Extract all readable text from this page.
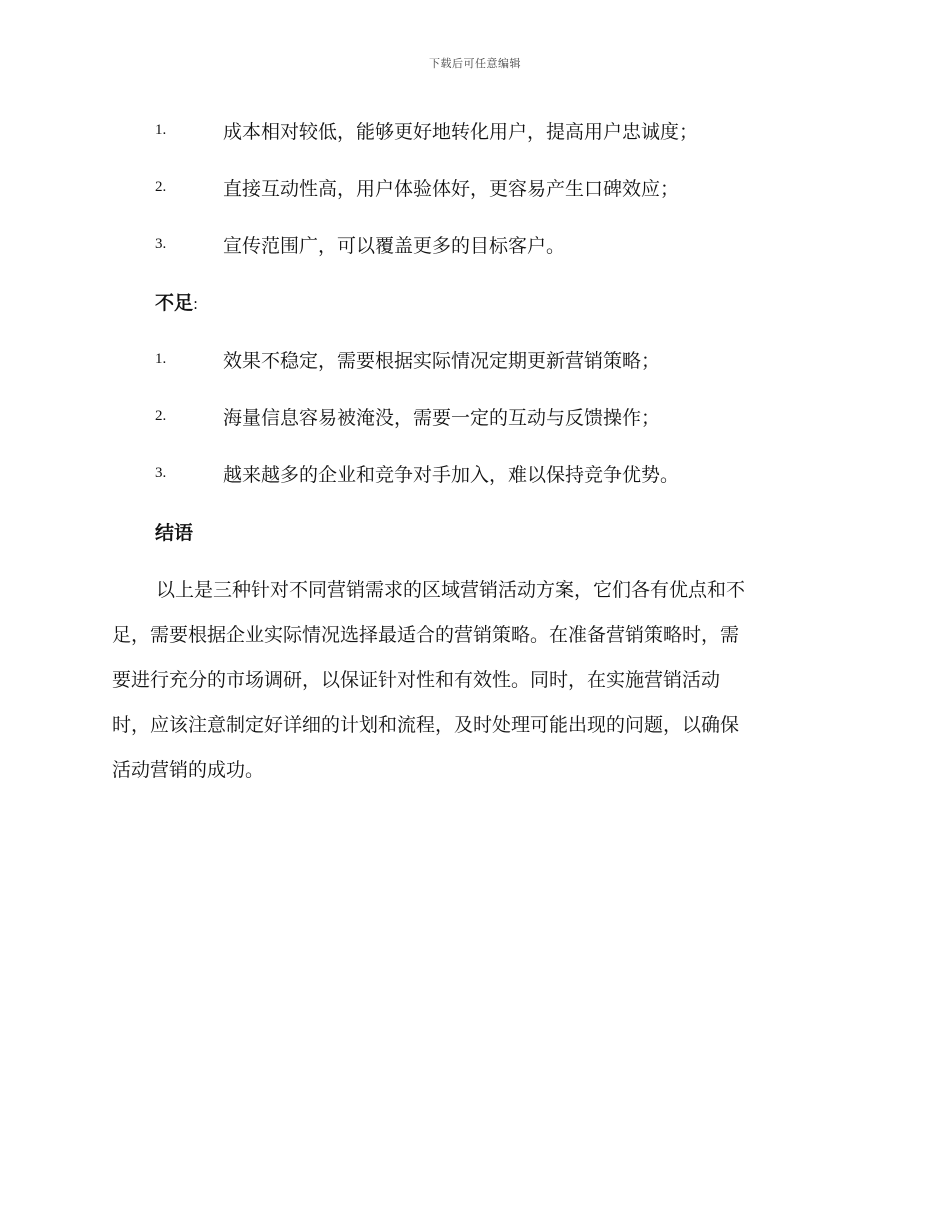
下载后可任意编辑
1.	成本相对较低，能够更好地转化用户，提高用户忠诚度；
2.	直接互动性高，用户体验体好，更容易产生口碑效应；
3.	宣传范围广，可以覆盖更多的目标客户。
不足:
1.	效果不稳定，需要根据实际情况定期更新营销策略；
2.	海量信息容易被淹没，需要一定的互动与反馈操作；
3.	越来越多的企业和竞争对手加入，难以保持竞争优势。
结语
以上是三种针对不同营销需求的区域营销活动方案，它们各有优点和不
足，需要根据企业实际情况选择最适合的营销策略。在准备营销策略时，需
要进行充分的市场调研，以保证针对性和有效性。同时，在实施营销活动
时，应该注意制定好详细的计划和流程，及时处理可能出现的问题，以确保
活动营销的成功。
